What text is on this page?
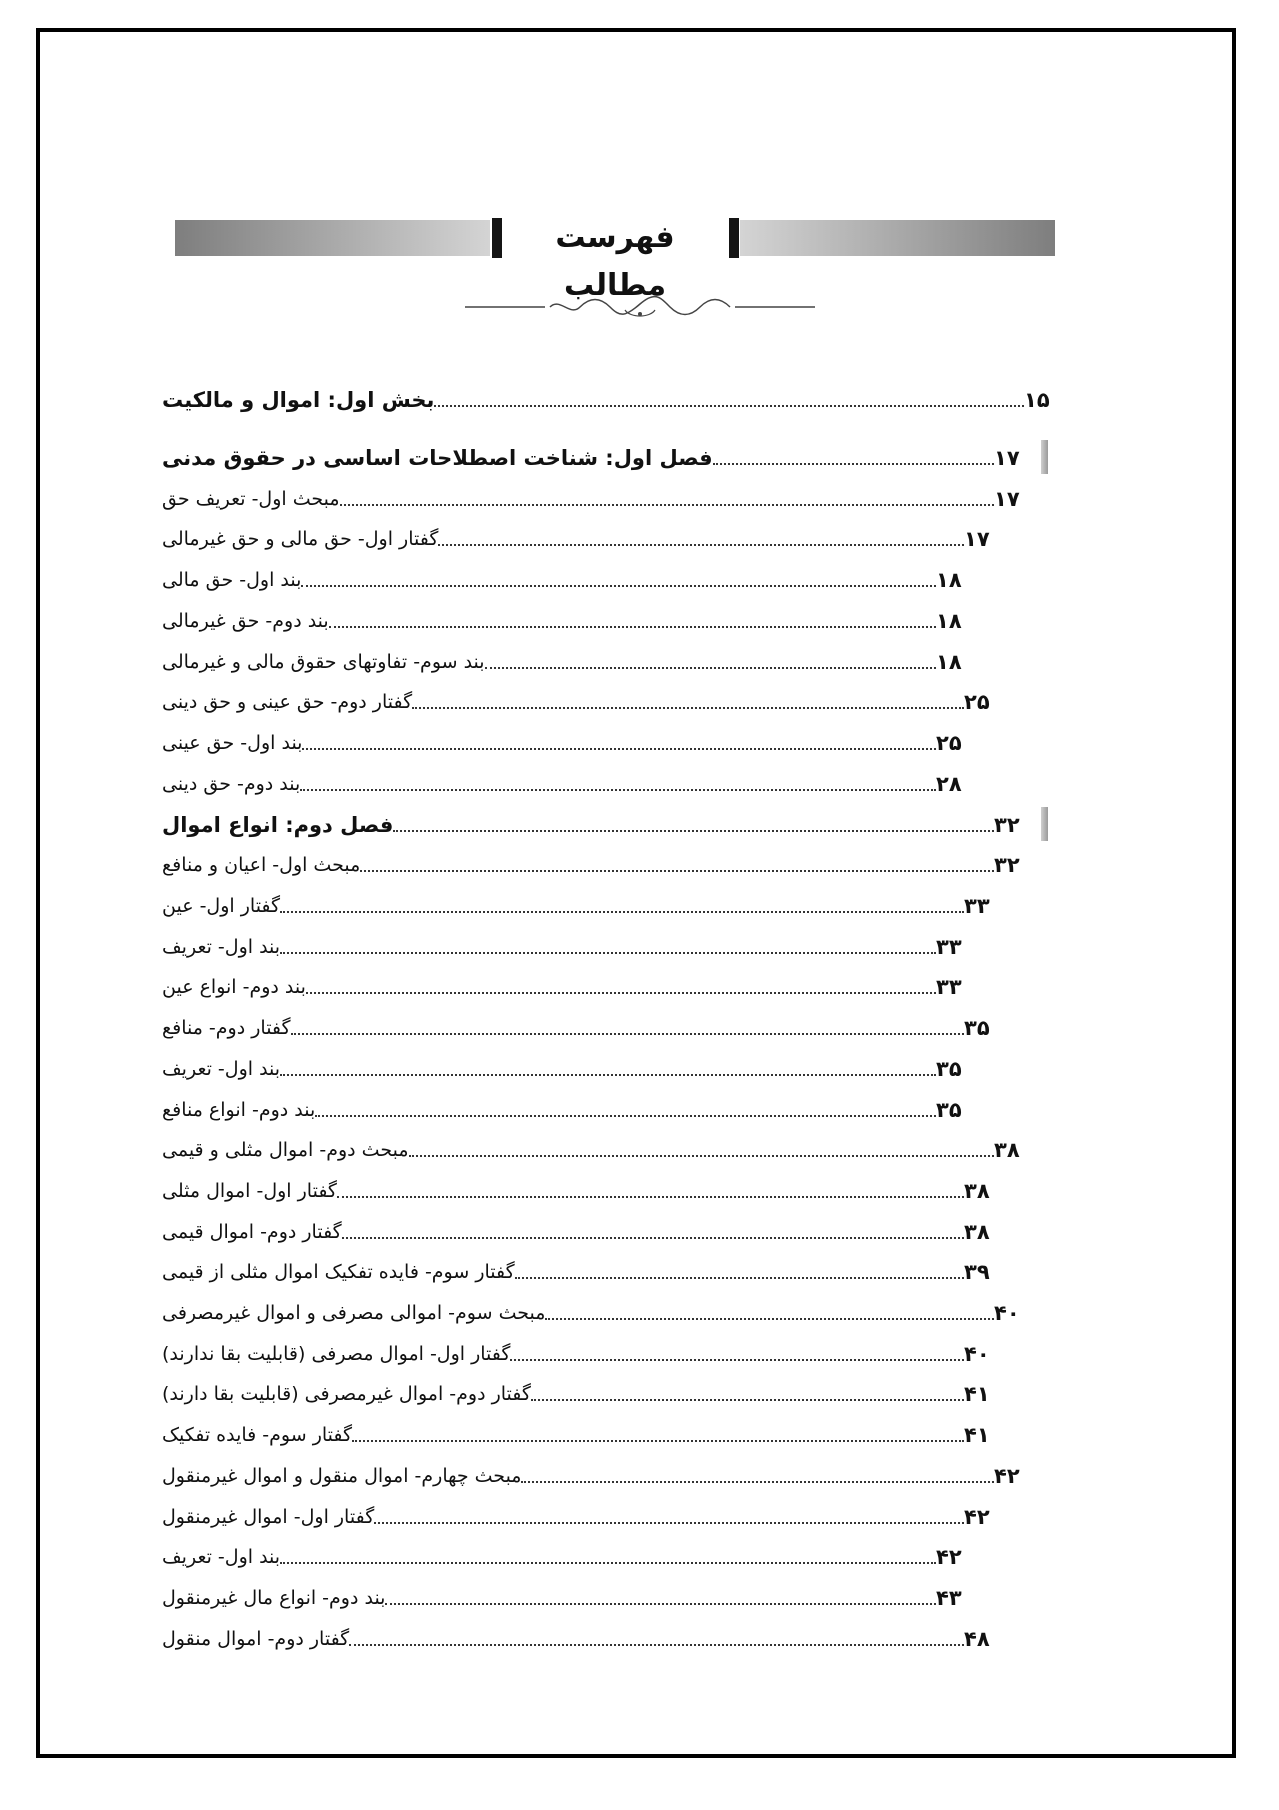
فهرست مطالب
بخش اول: اموال و مالکیت	۱۵
فصل اول: شناخت اصطلاحات اساسی در حقوق مدنی	۱۷
مبحث اول- تعریف حق	۱۷
گفتار اول- حق مالی و حق غیرمالی	۱۷
بند اول- حق مالی	۱۸
بند دوم- حق غیرمالی	۱۸
بند سوم- تفاوتهای حقوق مالی و غیرمالی	۱۸
گفتار دوم- حق عینی و حق دینی	۲۵
بند اول- حق عینی	۲۵
بند دوم- حق دینی	۲۸
فصل دوم: انواع اموال	۳۲
مبحث اول- اعیان و منافع	۳۲
گفتار اول- عین	۳۳
بند اول- تعریف	۳۳
بند دوم- انواع عین	۳۳
گفتار دوم- منافع	۳۵
بند اول- تعریف	۳۵
بند دوم- انواع منافع	۳۵
مبحث دوم- اموال مثلی و قیمی	۳۸
گفتار اول- اموال مثلی	۳۸
گفتار دوم- اموال قیمی	۳۸
گفتار سوم- فایده تفکیک اموال مثلی از قیمی	۳۹
مبحث سوم- اموالی مصرفی و اموال غیرمصرفی	۴۰
گفتار اول- اموال مصرفی (قابلیت بقا ندارند)	۴۰
گفتار دوم- اموال غیرمصرفی (قابلیت بقا دارند)	۴۱
گفتار سوم- فایده تفکیک	۴۱
مبحث چهارم- اموال منقول و اموال غیرمنقول	۴۲
گفتار اول- اموال غیرمنقول	۴۲
بند اول- تعریف	۴۲
بند دوم- انواع مال غیرمنقول	۴۳
گفتار دوم- اموال منقول	۴۸
